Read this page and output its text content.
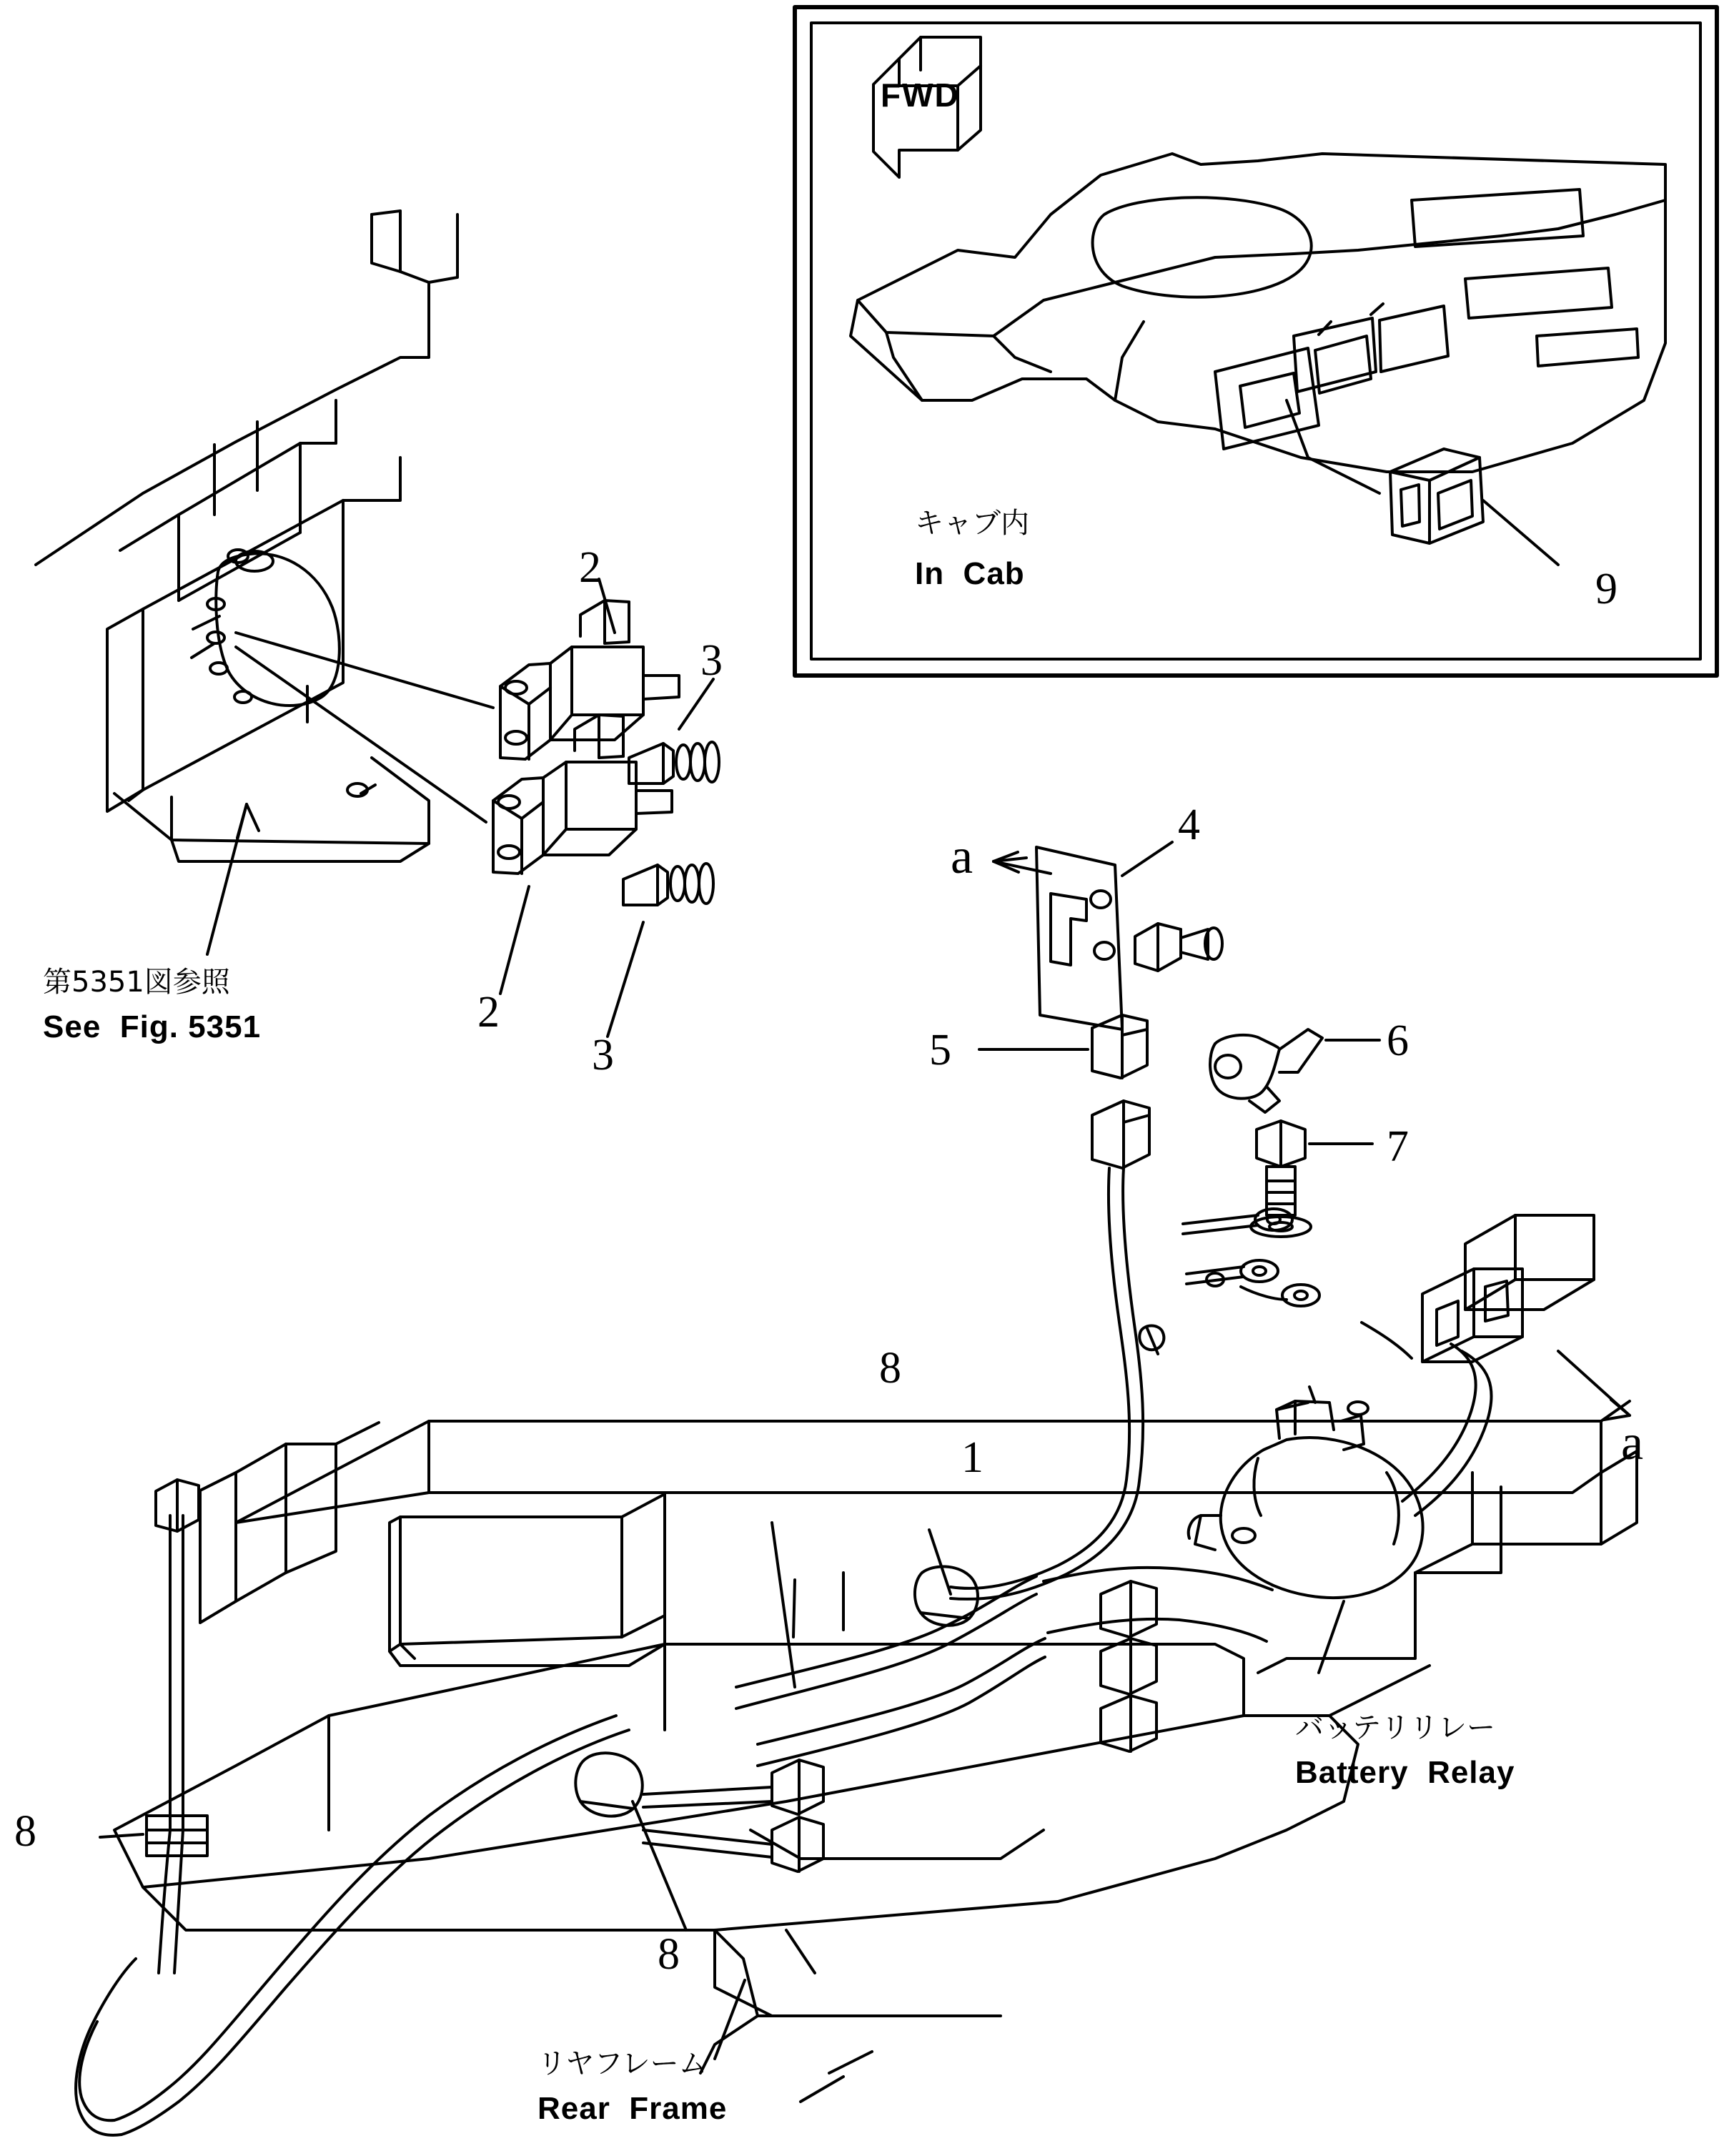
FWD
キャブ内
In  Cab	9
第5351図参照
See  Fig. 5351
2
3
2
3
a
4
5	6
7
8
1	a
8
8
バッテリリレー
Battery  Relay
リヤフレーム
Rear  Frame
